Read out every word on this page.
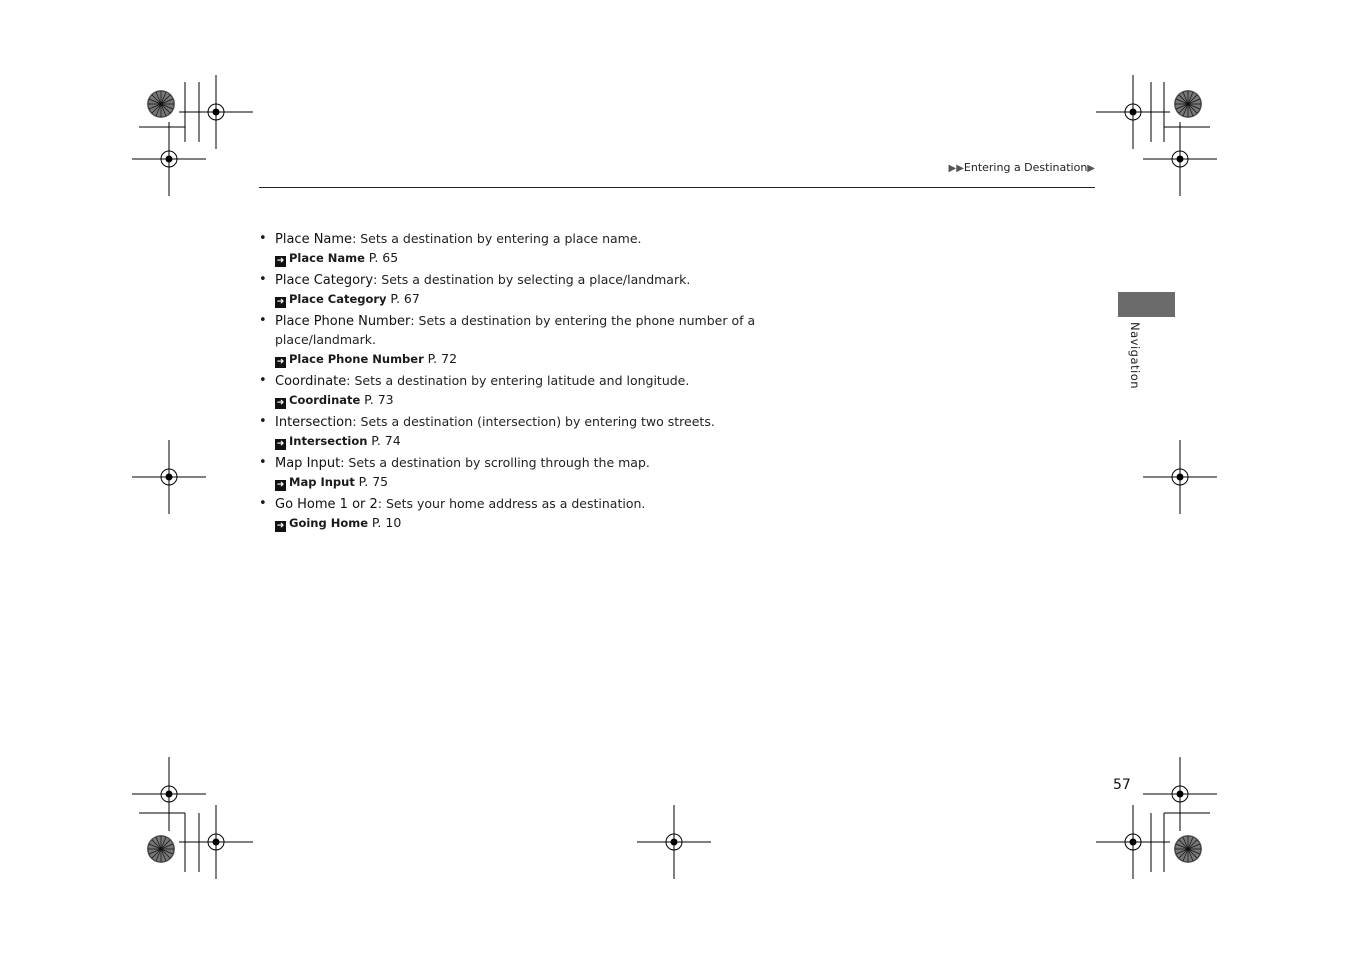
▶▶Entering a Destination▶
• Place Name: Sets a destination by entering a place name.
➜ Place Name P. 65
• Place Category: Sets a destination by selecting a place/landmark.
➜ Place Category P. 67
• Place Phone Number: Sets a destination by entering the phone number of a
place/landmark.
➜ Place Phone Number P. 72
• Coordinate: Sets a destination by entering latitude and longitude.
➜ Coordinate P. 73
• Intersection: Sets a destination (intersection) by entering two streets.
➜ Intersection P. 74
• Map Input: Sets a destination by scrolling through the map.
➜ Map Input P. 75
• Go Home 1 or 2: Sets your home address as a destination.
➜ Going Home P. 10
Navigation
57
